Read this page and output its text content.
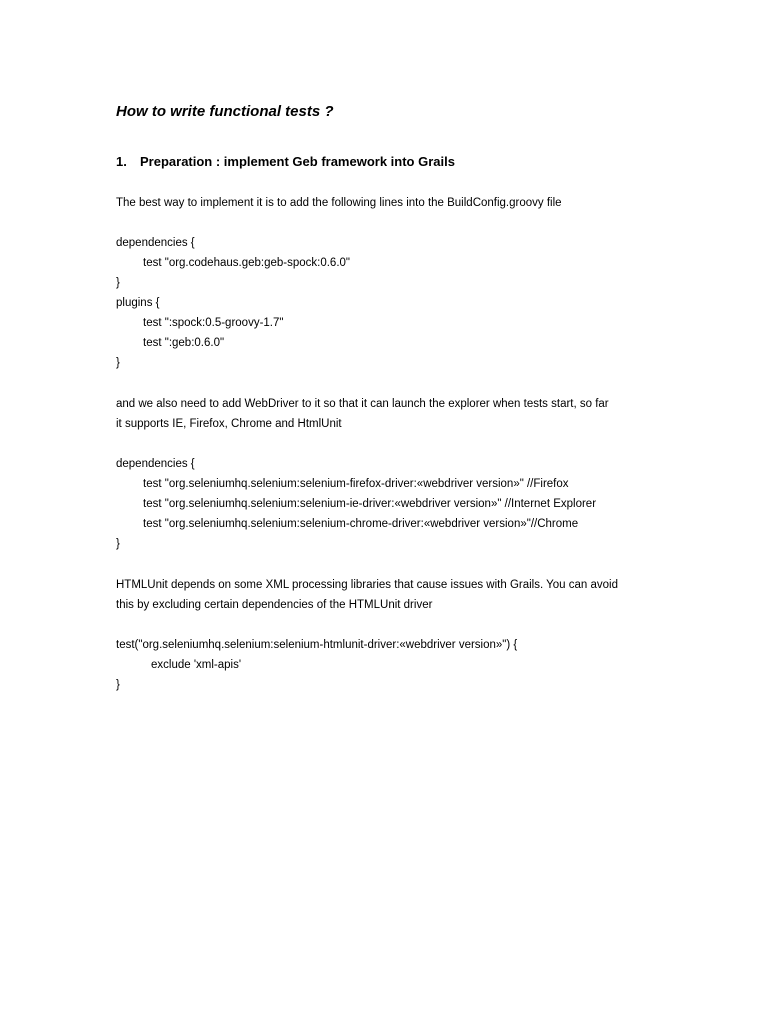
How to write functional tests ?
1. Preparation : implement Geb framework into Grails
The best way to implement it is to add the following lines into the BuildConfig.groovy file
dependencies {
test "org.codehaus.geb:geb-spock:0.6.0"
}
plugins {
test ":spock:0.5-groovy-1.7"
test ":geb:0.6.0"
}
and we also need to add WebDriver to it so that it can launch the explorer when tests start, so far
it supports IE, Firefox, Chrome and HtmlUnit
dependencies {
test "org.seleniumhq.selenium:selenium-firefox-driver:«webdriver version»" //Firefox
test "org.seleniumhq.selenium:selenium-ie-driver:«webdriver version»" //Internet Explorer
test "org.seleniumhq.selenium:selenium-chrome-driver:«webdriver version»"//Chrome
}
HTMLUnit depends on some XML processing libraries that cause issues with Grails. You can avoid
this by excluding certain dependencies of the HTMLUnit driver
test("org.seleniumhq.selenium:selenium-htmlunit-driver:«webdriver version»") {
exclude 'xml-apis'
}
